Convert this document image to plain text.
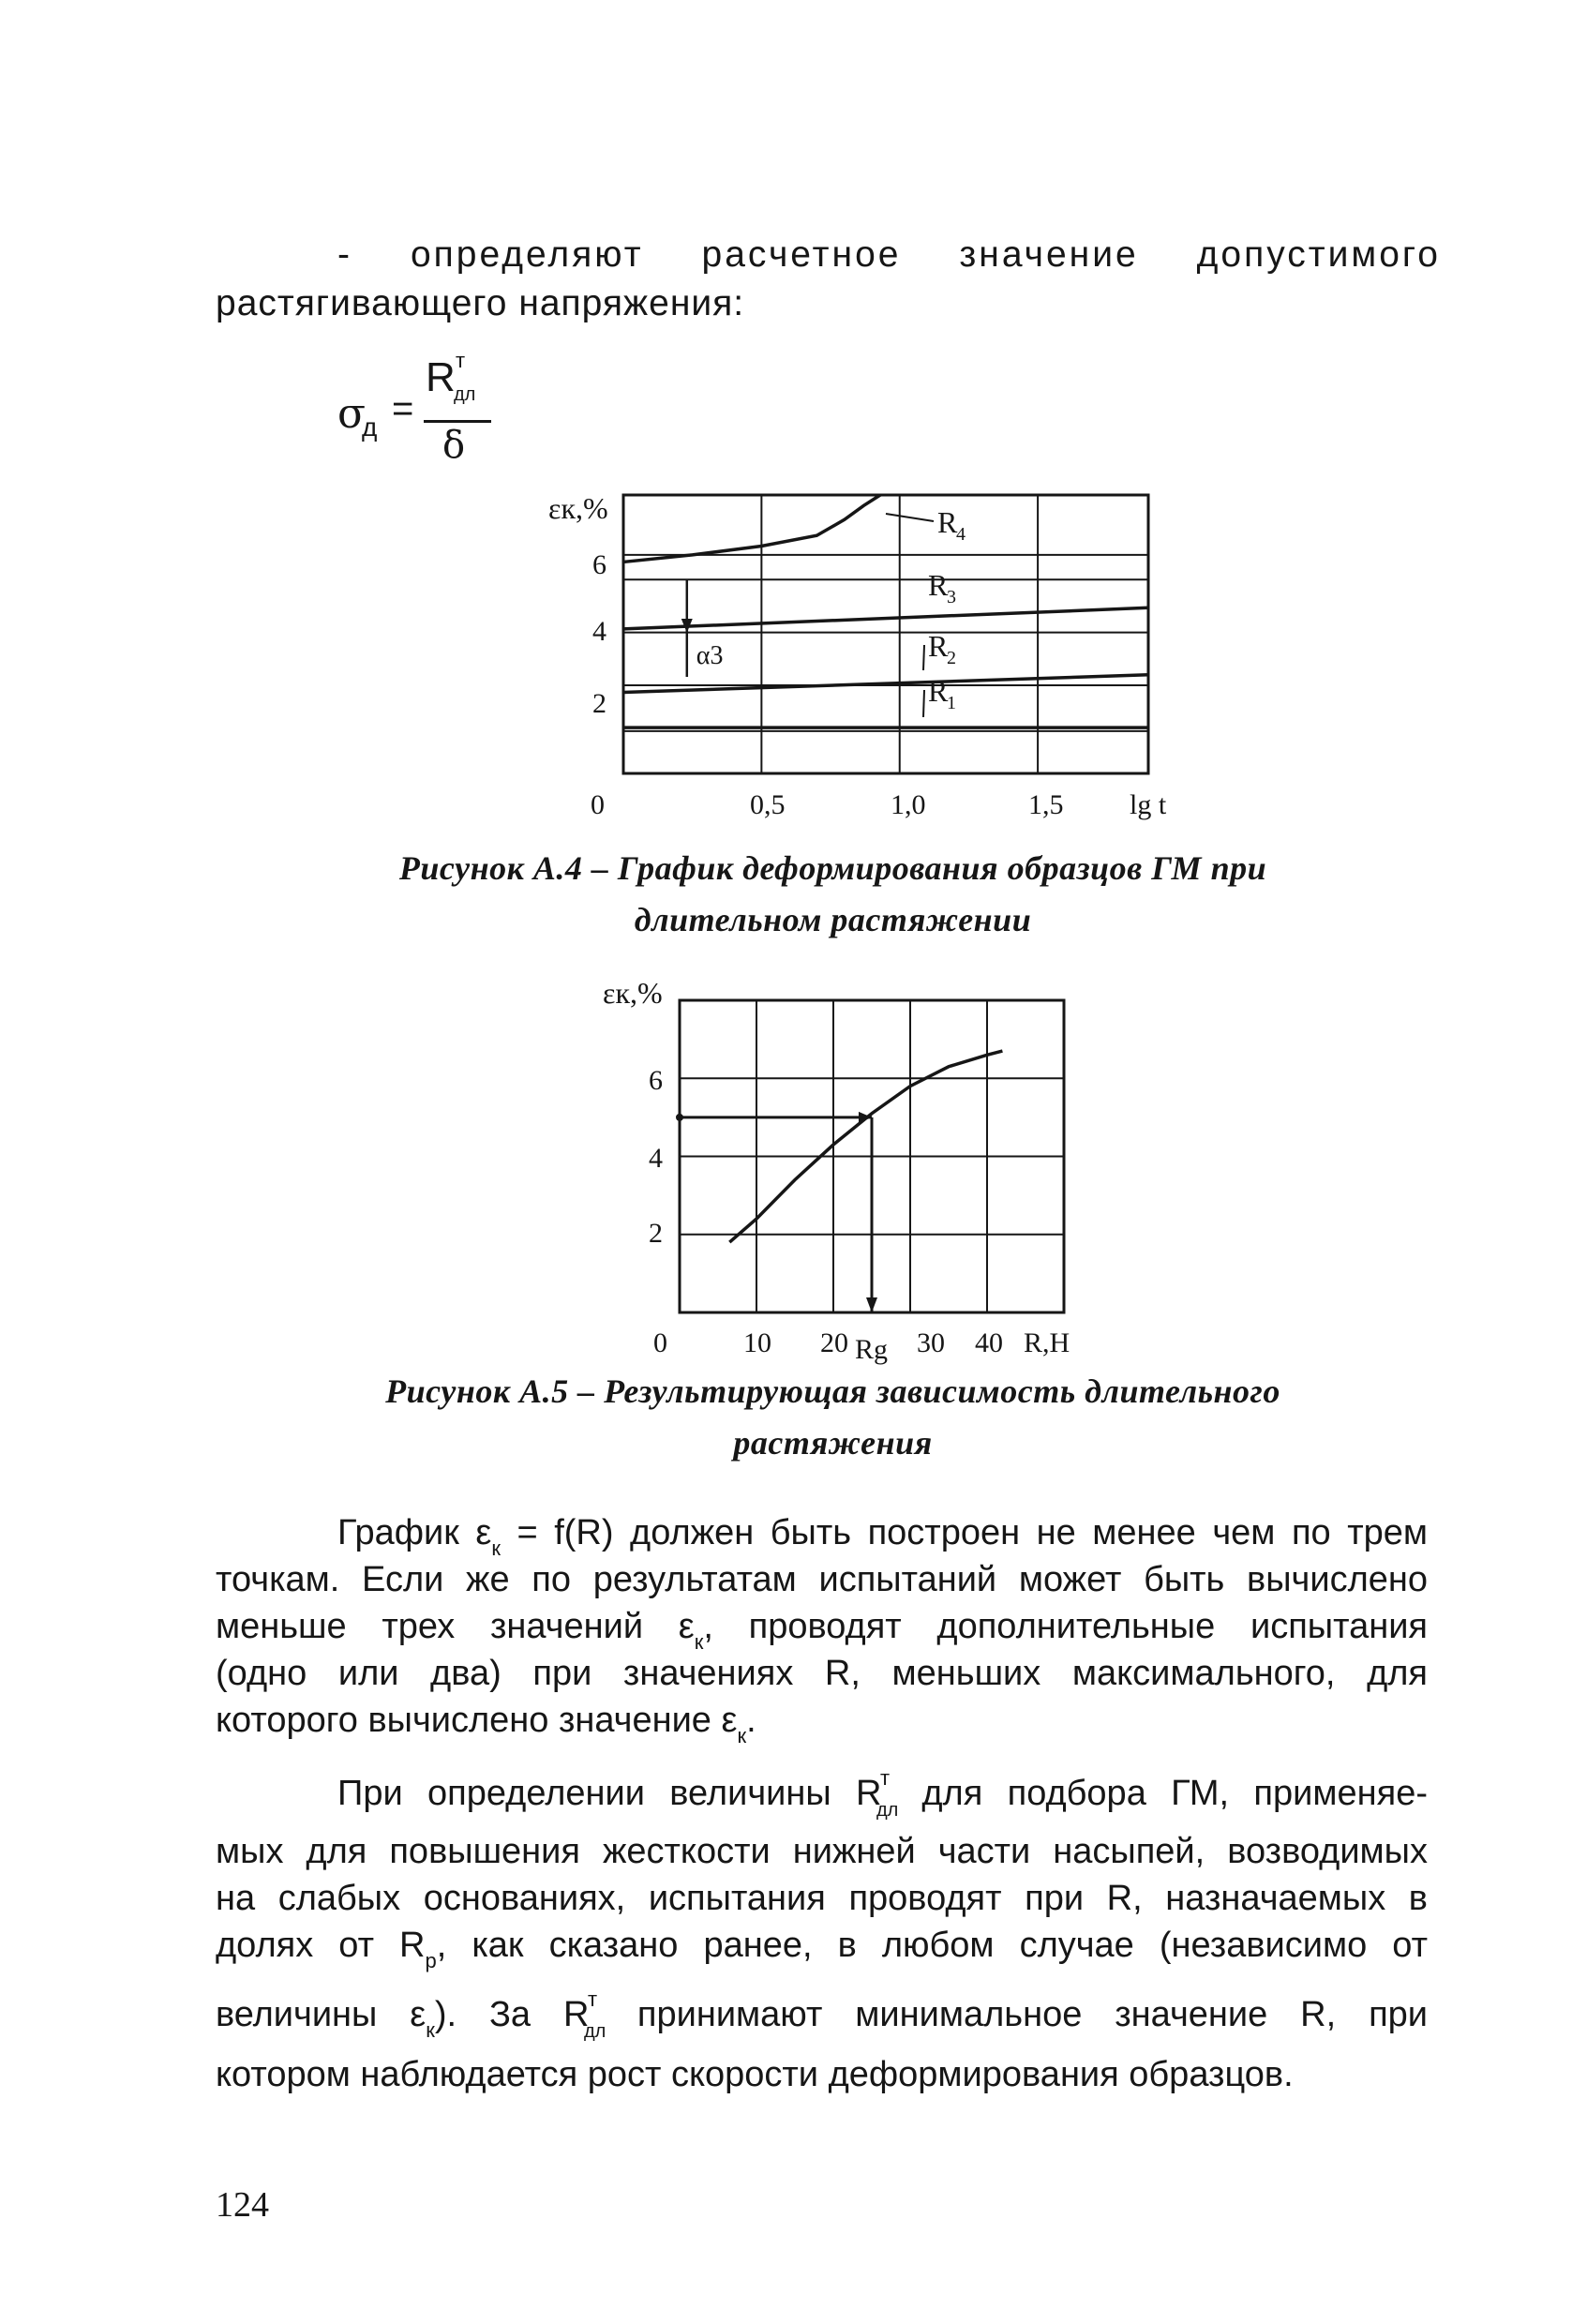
- определяют расчетное значение допустимого
растягивающего напряжения:
σ
д =
R т
дл
δ
R
4
R
3
R
2
R
1
α3
εк,%
lg t
2
4
6
0	0,5	1,0	1,5
εк,%
R,H
2
4
6
0	10 20 30 40
Rg
Рисунок А.4 – График деформирования образцов ГМ при
длительном растяжении
Рисунок А.5 – Результирующая зависимость длительного
растяжения
График $\varepsilon_к = f(R)$ должен быть построен не менее чем по трем
точкам. Если же по результатам испытаний может быть вычислено
меньше трех значений $\varepsilon_к$, проводят дополнительные испытания
(одно или два) при значениях R, меньших максимального, для
которого вычислено значение $\varepsilon_к$.
При определении величины R
т
дл
для подбора ГМ, применяе-
мых для повышения жесткости нижней части насыпей, возводимых
на слабых основаниях, испытания проводят при R, назначаемых в
долях от $R_р$, как сказано ранее, в любом случае (независимо от
величины $\varepsilon_к$). За R
т
дл
принимают минимальное значение R, при
котором наблюдается рост скорости деформирования образцов.
124
